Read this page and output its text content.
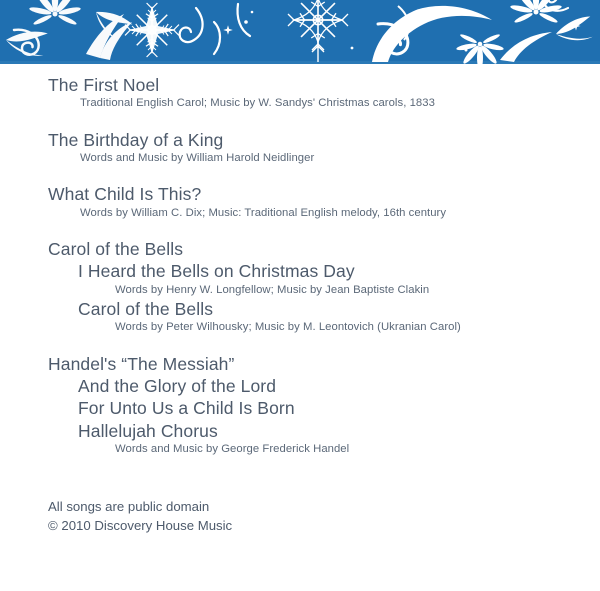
The First Noel

Traditional English Carol; Music by W. Sandys' Christmas carols, 1833

The Birthday of a King

Words and Music by William Harold Neidlinger

What Child Is This?

Words by William C. Dix; Music: Traditional English melody, 16th century

Carol of the Bells

I Heard the Bells on Christmas Day

Words by Henry W. Longfellow; Music by Jean Baptiste Clakin

Carol of the Bells

Words by Peter Wilhousky; Music by M. Leontovich (Ukranian Carol)

Handel's “The Messiah”

And the Glory of the Lord

For Unto Us a Child Is Born

Hallelujah Chorus

Words and Music by George Frederick Handel

All songs are public domain

© 2010 Discovery House Music
